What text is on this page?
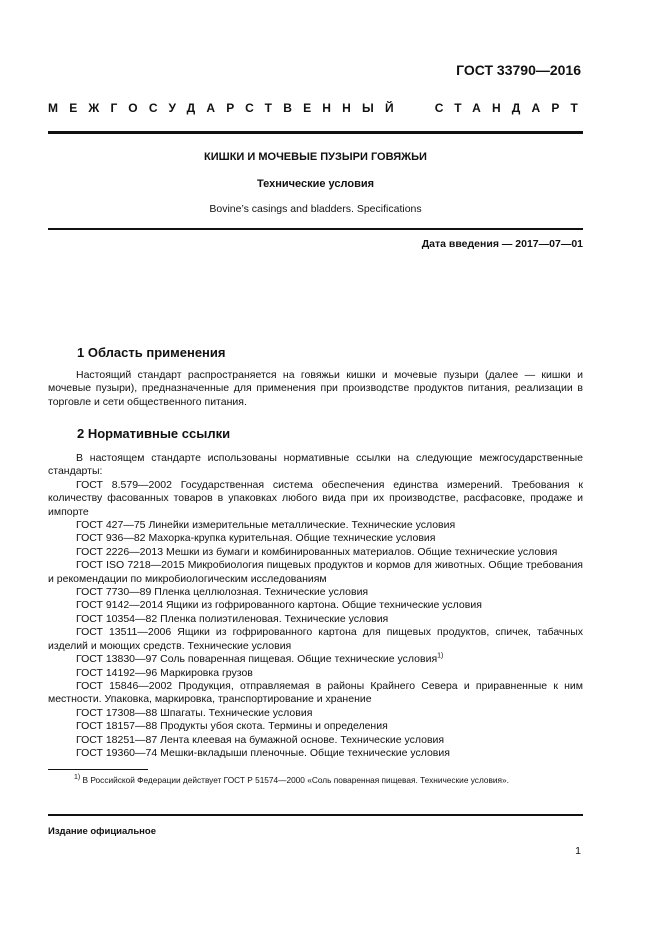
ГОСТ 33790—2016
МЕЖГОСУДАРСТВЕННЫЙ СТАНДАРТ
КИШКИ И МОЧЕВЫЕ ПУЗЫРИ ГОВЯЖЬИ
Технические условия
Bovine’s casings and bladders. Specifications
Дата введения — 2017—07—01
1 Область применения
Настоящий стандарт распространяется на говяжьи кишки и мочевые пузыри (далее — кишки и мочевые пузыри), предназначенные для применения при производстве продуктов питания, реализации в торговле и сети общественного питания.
2 Нормативные ссылки
В настоящем стандарте использованы нормативные ссылки на следующие межгосударственные стандарты:
ГОСТ 8.579—2002 Государственная система обеспечения единства измерений. Требования к количеству фасованных товаров в упаковках любого вида при их производстве, расфасовке, продаже и импорте
ГОСТ 427—75 Линейки измерительные металлические. Технические условия
ГОСТ 936—82 Махорка-крупка курительная. Общие технические условия
ГОСТ 2226—2013 Мешки из бумаги и комбинированных материалов. Общие технические условия
ГОСТ ISO 7218—2015 Микробиология пищевых продуктов и кормов для животных. Общие требования и рекомендации по микробиологическим исследованиям
ГОСТ 7730—89 Пленка целлюлозная. Технические условия
ГОСТ 9142—2014 Ящики из гофрированного картона. Общие технические условия
ГОСТ 10354—82 Пленка полиэтиленовая. Технические условия
ГОСТ 13511—2006 Ящики из гофрированного картона для пищевых продуктов, спичек, табачных изделий и моющих средств. Технические условия
ГОСТ 13830—97 Соль поваренная пищевая. Общие технические условия$^{1)}$
ГОСТ 14192—96 Маркировка грузов
ГОСТ 15846—2002 Продукция, отправляемая в районы Крайнего Севера и приравненные к ним местности. Упаковка, маркировка, транспортирование и хранение
ГОСТ 17308—88 Шпагаты. Технические условия
ГОСТ 18157—88 Продукты убоя скота. Термины и определения
ГОСТ 18251—87 Лента клеевая на бумажной основе. Технические условия
ГОСТ 19360—74 Мешки-вкладыши пленочные. Общие технические условия
$^{1)}$ В Российской Федерации действует ГОСТ Р 51574—2000 «Соль поваренная пищевая. Технические условия».
Издание официальное
1
